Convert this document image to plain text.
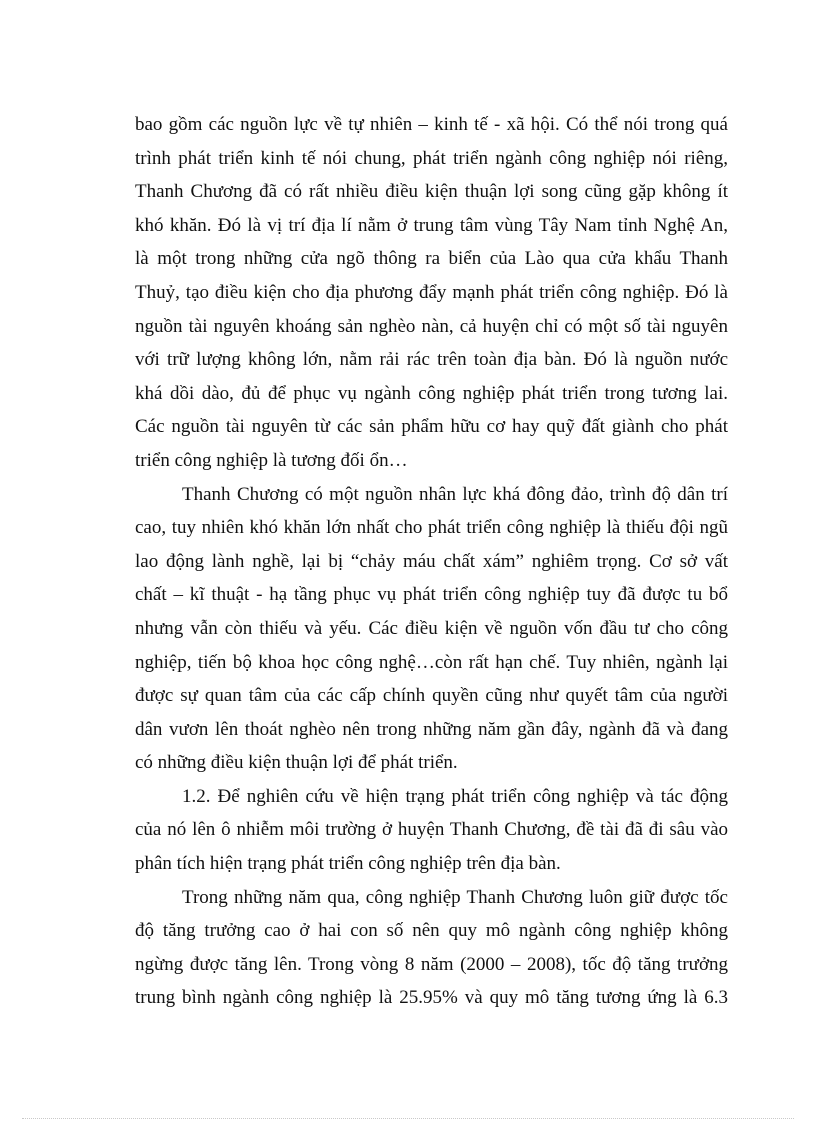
bao gồm các nguồn lực về tự nhiên – kinh tế - xã hội. Có thể nói trong quá
trình phát triển kinh tế nói chung, phát triển ngành công nghiệp nói riêng,
Thanh Chương đã có rất nhiều điều kiện thuận lợi song cũng gặp không ít
khó khăn. Đó là vị trí địa lí nằm ở trung tâm vùng Tây Nam tỉnh Nghệ An,
là một trong những cửa ngõ thông ra biển của Lào qua cửa khẩu Thanh
Thuỷ, tạo điều kiện cho địa phương đẩy mạnh phát triển công nghiệp. Đó là
nguồn tài nguyên khoáng sản nghèo nàn, cả huyện chỉ có một số tài nguyên
với trữ lượng không lớn, nằm rải rác trên toàn địa bàn. Đó là nguồn nước
khá dồi dào, đủ để phục vụ ngành công nghiệp phát triển trong tương lai.
Các nguồn tài nguyên từ các sản phẩm hữu cơ hay quỹ đất giành cho phát
triển công nghiệp là tương đối ổn…

Thanh Chương có một nguồn nhân lực khá đông đảo, trình độ dân trí
cao, tuy nhiên khó khăn lớn nhất cho phát triển công nghiệp là thiếu đội ngũ
lao động lành nghề, lại bị “chảy máu chất xám” nghiêm trọng. Cơ sở vất
chất – kĩ thuật - hạ tầng phục vụ phát triển công nghiệp tuy đã được tu bổ
nhưng vẫn còn thiếu và yếu. Các điều kiện về nguồn vốn đầu tư cho công
nghiệp, tiến bộ khoa học công nghệ…còn rất hạn chế. Tuy nhiên, ngành lại
được sự quan tâm của các cấp chính quyền cũng như quyết tâm của người
dân vươn lên thoát nghèo nên trong những năm gần đây, ngành đã và đang
có những điều kiện thuận lợi để phát triển.

1.2. Để nghiên cứu về hiện trạng phát triển công nghiệp và tác động
của nó lên ô nhiễm môi trường ở huyện Thanh Chương, đề tài đã đi sâu vào
phân tích hiện trạng phát triển công nghiệp trên địa bàn.

Trong những năm qua, công nghiệp Thanh Chương luôn giữ được tốc
độ tăng trưởng cao ở hai con số nên quy mô ngành công nghiệp không
ngừng được tăng lên. Trong vòng 8 năm (2000 – 2008), tốc độ tăng trưởng
trung bình ngành công nghiệp là 25.95% và quy mô tăng tương ứng là 6.3
